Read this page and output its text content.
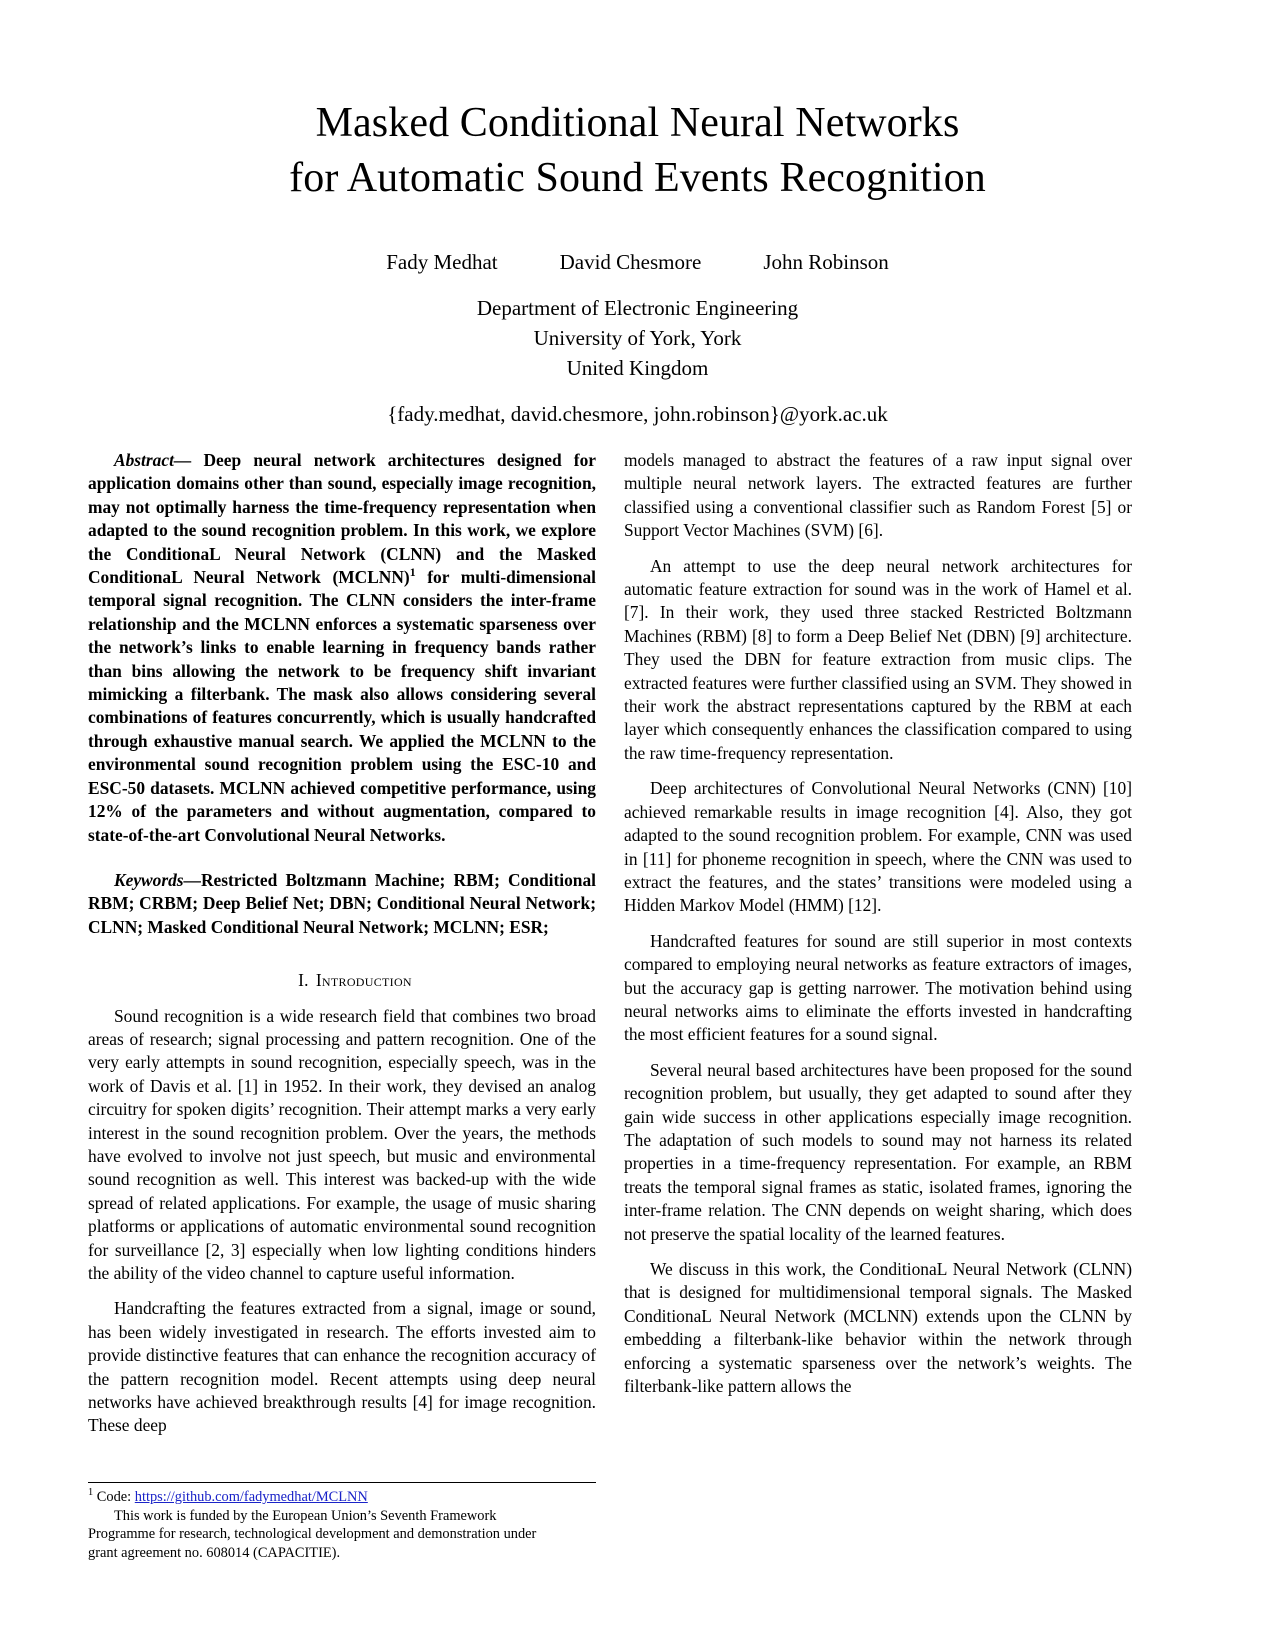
Masked Conditional Neural Networks
for Automatic Sound Events Recognition
Fady Medhat	David Chesmore	John Robinson
Department of Electronic Engineering
University of York, York
United Kingdom
{fady.medhat, david.chesmore, john.robinson}@york.ac.uk

Abstract— Deep neural network architectures designed for application domains other than sound, especially image recognition, may not optimally harness the time-frequency representation when adapted to the sound recognition problem. In this work, we explore the ConditionaL Neural Network (CLNN) and the Masked ConditionaL Neural Network (MCLNN)$^1$ for multi-dimensional temporal signal recognition. The CLNN considers the inter-frame relationship and the MCLNN enforces a systematic sparseness over the network’s links to enable learning in frequency bands rather than bins allowing the network to be frequency shift invariant mimicking a filterbank. The mask also allows considering several combinations of features concurrently, which is usually handcrafted through exhaustive manual search. We applied the MCLNN to the environmental sound recognition problem using the ESC-10 and ESC-50 datasets. MCLNN achieved competitive performance, using 12% of the parameters and without augmentation, compared to state-of-the-art Convolutional Neural Networks.

Keywords—Restricted Boltzmann Machine; RBM; Conditional RBM; CRBM; Deep Belief Net; DBN; Conditional Neural Network; CLNN; Masked Conditional Neural Network; MCLNN; ESR;

I. Introduction

Sound recognition is a wide research field that combines two broad areas of research; signal processing and pattern recognition. One of the very early attempts in sound recognition, especially speech, was in the work of Davis et al. [1] in 1952. In their work, they devised an analog circuitry for spoken digits’ recognition. Their attempt marks a very early interest in the sound recognition problem. Over the years, the methods have evolved to involve not just speech, but music and environmental sound recognition as well. This interest was backed-up with the wide spread of related applications. For example, the usage of music sharing platforms or applications of automatic environmental sound recognition for surveillance [2, 3] especially when low lighting conditions hinders the ability of the video channel to capture useful information.

Handcrafting the features extracted from a signal, image or sound, has been widely investigated in research. The efforts invested aim to provide distinctive features that can enhance the recognition accuracy of the pattern recognition model. Recent attempts using deep neural networks have achieved breakthrough results [4] for image recognition. These deep

models managed to abstract the features of a raw input signal over multiple neural network layers. The extracted features are further classified using a conventional classifier such as Random Forest [5] or Support Vector Machines (SVM) [6].

An attempt to use the deep neural network architectures for automatic feature extraction for sound was in the work of Hamel et al. [7]. In their work, they used three stacked Restricted Boltzmann Machines (RBM) [8] to form a Deep Belief Net (DBN) [9] architecture. They used the DBN for feature extraction from music clips. The extracted features were further classified using an SVM. They showed in their work the abstract representations captured by the RBM at each layer which consequently enhances the classification compared to using the raw time-frequency representation.

Deep architectures of Convolutional Neural Networks (CNN) [10] achieved remarkable results in image recognition [4]. Also, they got adapted to the sound recognition problem. For example, CNN was used in [11] for phoneme recognition in speech, where the CNN was used to extract the features, and the states’ transitions were modeled using a Hidden Markov Model (HMM) [12].

Handcrafted features for sound are still superior in most contexts compared to employing neural networks as feature extractors of images, but the accuracy gap is getting narrower. The motivation behind using neural networks aims to eliminate the efforts invested in handcrafting the most efficient features for a sound signal.

Several neural based architectures have been proposed for the sound recognition problem, but usually, they get adapted to sound after they gain wide success in other applications especially image recognition. The adaptation of such models to sound may not harness its related properties in a time-frequency representation. For example, an RBM treats the temporal signal frames as static, isolated frames, ignoring the inter-frame relation. The CNN depends on weight sharing, which does not preserve the spatial locality of the learned features.

We discuss in this work, the ConditionaL Neural Network (CLNN) that is designed for multidimensional temporal signals. The Masked ConditionaL Neural Network (MCLNN) extends upon the CLNN by embedding a filterbank-like behavior within the network through enforcing a systematic sparseness over the network’s weights. The filterbank-like pattern allows the

$^1$ Code: https://github.com/fadymedhat/MCLNN

This work is funded by the European Union’s Seventh Framework

Programme for research, technological development and demonstration under

grant agreement no. 608014 (CAPACITIE).
